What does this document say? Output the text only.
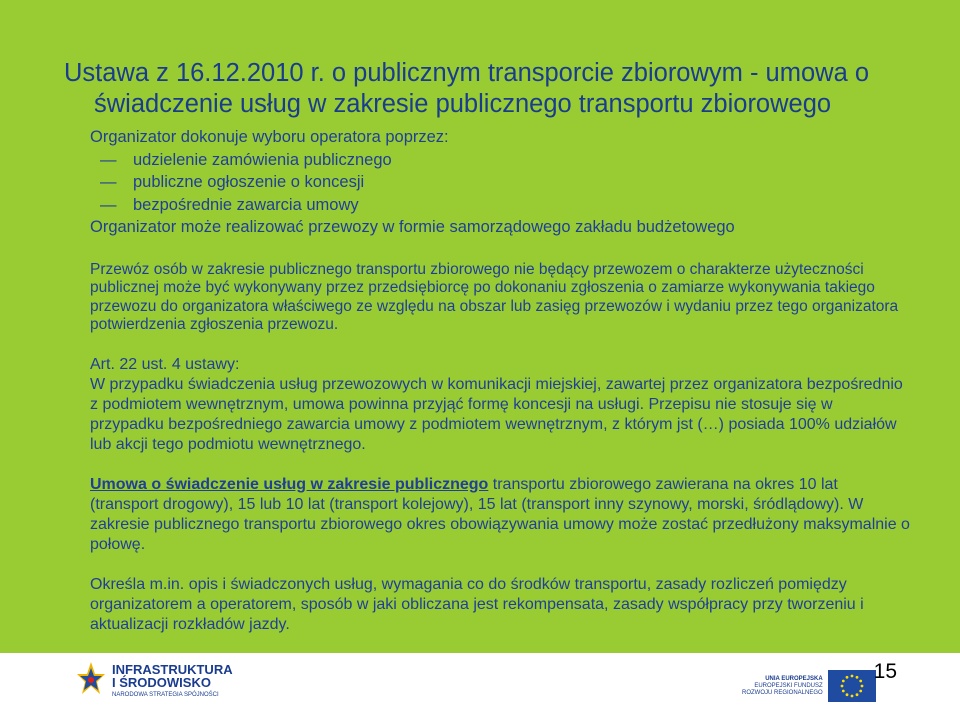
Ustawa z 16.12.2010 r. o publicznym transporcie zbiorowym - umowa o
świadczenie usług w zakresie publicznego transportu zbiorowego

Organizator dokonuje wyboru operatora poprzez:

— udzielenie zamówienia publicznego

— publiczne ogłoszenie o koncesji

— bezpośrednie zawarcia umowy

Organizator może realizować przewozy w formie samorządowego zakładu budżetowego

Przewóz osób w zakresie publicznego transportu zbiorowego nie będący przewozem o charakterze użyteczności publicznej może być wykonywany przez przedsiębiorcę po dokonaniu zgłoszenia o zamiarze wykonywania takiego przewozu do organizatora właściwego ze względu na obszar lub zasięg przewozów i wydaniu przez tego organizatora potwierdzenia zgłoszenia przewozu.

Art. 22 ust. 4 ustawy:

W przypadku świadczenia usług przewozowych w komunikacji miejskiej, zawartej przez organizatora bezpośrednio z podmiotem wewnętrznym, umowa powinna przyjąć formę koncesji na usługi. Przepisu nie stosuje się w przypadku bezpośredniego zawarcia umowy z podmiotem wewnętrznym, z którym jst (…) posiada 100% udziałów lub akcji tego podmiotu wewnętrznego.

Umowa o świadczenie usług w zakresie publicznego transportu zbiorowego zawierana na okres 10 lat (transport drogowy), 15 lub 10 lat (transport kolejowy), 15 lat (transport inny szynowy, morski, śródlądowy). W zakresie publicznego transportu zbiorowego okres obowiązywania umowy może zostać przedłużony maksymalnie o połowę.

Określa m.in. opis i świadczonych usług, wymagania co do środków transportu, zasady rozliczeń pomiędzy organizatorem a operatorem, sposób w jaki obliczana jest rekompensata, zasady współpracy przy tworzeniu i aktualizacji rozkładów jazdy.

INFRASTRUKTURA
I ŚRODOWISKO
NARODOWA STRATEGIA SPÓJNOŚCI
UNIA EUROPEJSKA
EUROPEJSKI FUNDUSZ
ROZWOJU REGIONALNEGO
15
